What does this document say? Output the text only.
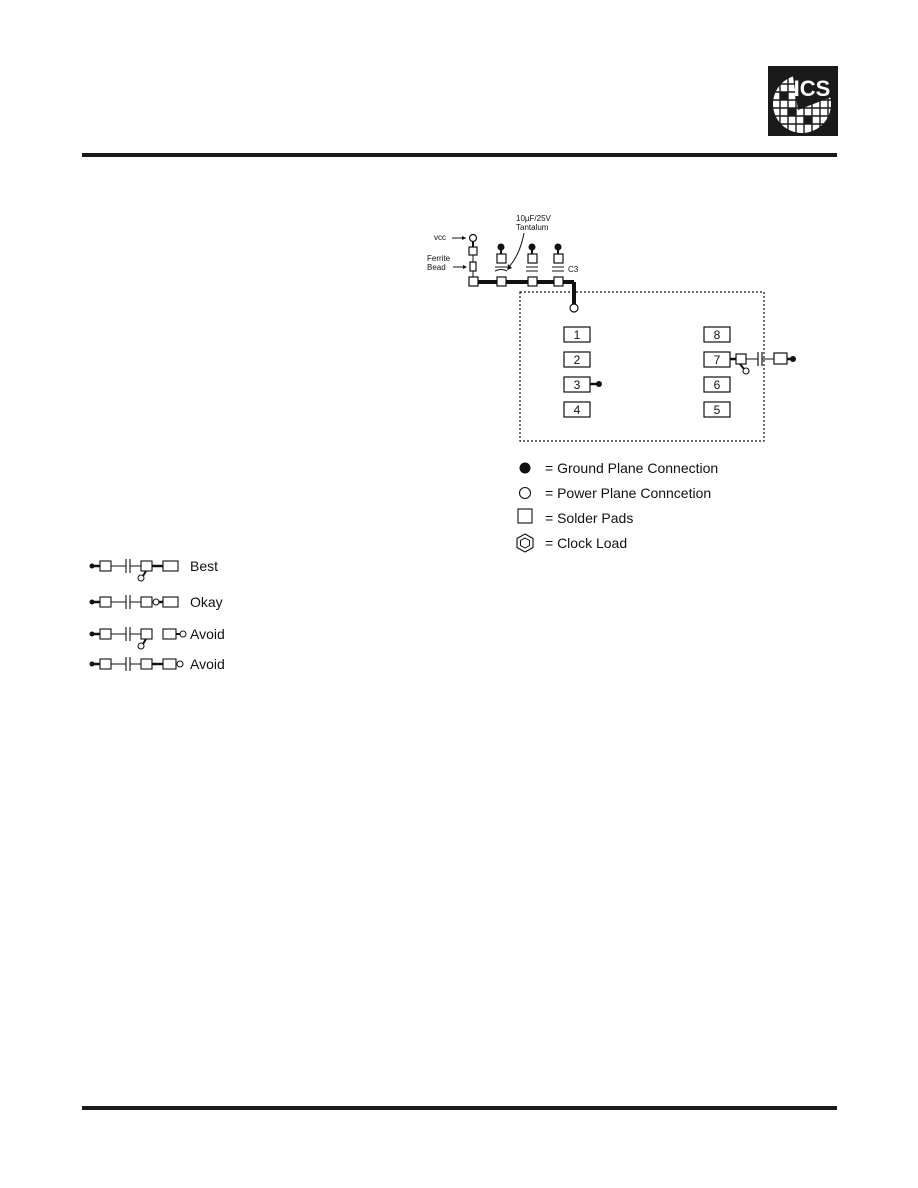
ICS
vcc
Ferrite
Bead
10µF/25V
Tantalum
C3
1
2
3
4
8
7
6
5
= Ground Plane Connection
= Power Plane Conncetion
= Solder Pads
= Clock Load
Best
Okay
Avoid
Avoid
